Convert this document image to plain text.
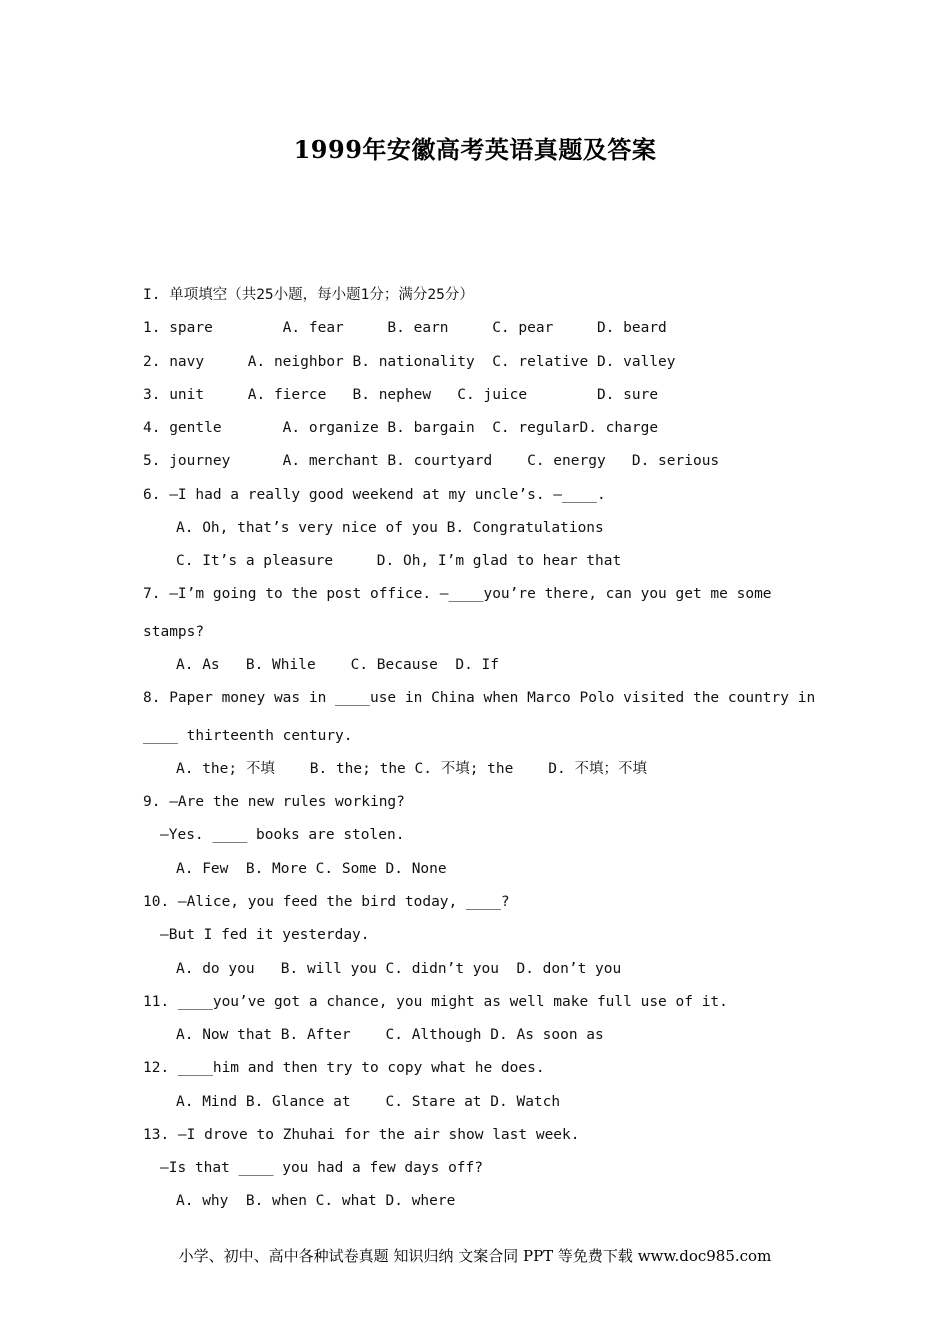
1999年安徽高考英语真题及答案
I. 单项填空（共25小题，每小题1分；满分25分）
1. spare        A. fear     B. earn     C. pear     D. beard
2. navy     A. neighbor B. nationality  C. relative D. valley
3. unit     A. fierce   B. nephew   C. juice        D. sure
4. gentle       A. organize B. bargain  C. regularD. charge
5. journey      A. merchant B. courtyard    C. energy   D. serious
6. —I had a really good weekend at my uncle’s. —____.
A. Oh, that’s very nice of you B. Congratulations
C. It’s a pleasure     D. Oh, I’m glad to hear that
7. —I’m going to the post office. —____you’re there, can you get me some
stamps?
A. As   B. While    C. Because  D. If
8. Paper money was in ____use in China when Marco Polo visited the country in
____ thirteenth century.
A. the; 不填    B. the; the C. 不填; the    D. 不填；不填
9. —Are the new rules working?
—Yes. ____ books are stolen.
A. Few  B. More C. Some D. None
10. —Alice, you feed the bird today, ____?
—But I fed it yesterday.
A. do you   B. will you C. didn’t you  D. don’t you
11. ____you’ve got a chance, you might as well make full use of it.
A. Now that B. After    C. Although D. As soon as
12. ____him and then try to copy what he does.
A. Mind B. Glance at    C. Stare at D. Watch
13. —I drove to Zhuhai for the air show last week.
—Is that ____ you had a few days off?
A. why  B. when C. what D. where
小学、初中、高中各种试卷真题 知识归纳 文案合同 PPT 等免费下载 www.doc985.com
